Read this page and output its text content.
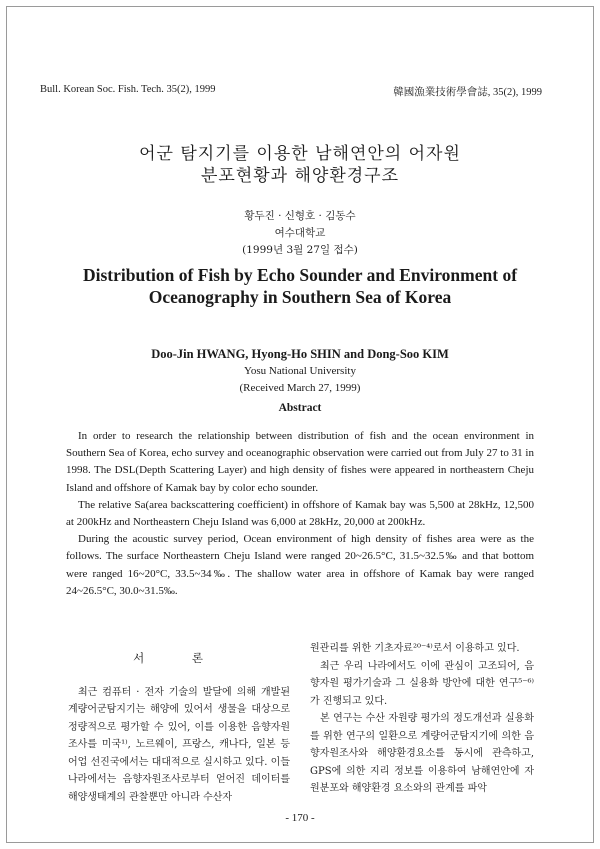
Bull. Korean Soc. Fish. Tech. 35(2), 1999	韓國漁業技術學會誌, 35(2), 1999
어군 탐지기를 이용한 남해연안의 어자원
분포현황과 해양환경구조
황두진 · 신형호 · 김동수
여수대학교
(1999년 3월 27일 접수)
Distribution of Fish by Echo Sounder and Environment of Oceanography in Southern Sea of Korea
Doo-Jin HWANG, Hyong-Ho SHIN and Dong-Soo KIM
Yosu National University
(Received March 27, 1999)
Abstract

In order to research the relationship between distribution of fish and the ocean environment in Southern Sea of Korea, echo survey and oceanographic observation were carried out from July 27 to 31 in 1998. The DSL(Depth Scattering Layer) and high density of fishes were appeared in northeastern Cheju Island and offshore of Kamak bay by color echo sounder.

The relative Sa(area backscattering coefficient) in offshore of Kamak bay was 5,500 at 28kHz, 12,500 at 200kHz and Northeastern Cheju Island was 6,000 at 28kHz, 20,000 at 200kHz.

During the acoustic survey period, Ocean environment of high density of fishes area were as the follows. The surface Northeastern Cheju Island were ranged 20~26.5°C, 31.5~32.5‰ and that bottom were ranged 16~20°C, 33.5~34‰. The shallow water area in offshore of Kamak bay were ranged 24~26.5°C, 30.0~31.5‰.

서 론

최근 컴퓨터 · 전자 기술의 발달에 의해 개발된 계량어군탐지기는 해양에 있어서 생물을 대상으로 정량적으로 평가할 수 있어, 이를 이용한 음향자원 조사를 미국¹⁾, 노르웨이, 프랑스, 캐나다, 일본 등 어업 선진국에서는 대대적으로 실시하고 있다. 이들 나라에서는 음향자원조사로부터 얻어진 데이터를 해양생태계의 관찰뿐만 아니라 수산자

원관리를 위한 기초자료²⁰⁻⁴⁾로서 이용하고 있다.

최근 우리 나라에서도 이에 관심이 고조되어, 음향자원 평가기술과 그 실용화 방안에 대한 연구⁵⁻⁶⁾가 진행되고 있다.

본 연구는 수산 자원량 평가의 정도개선과 실용화를 위한 연구의 일환으로 계량어군탐지기에 의한 음향자원조사와 해양환경요소를 동시에 관측하고, GPS에 의한 지리 정보를 이용하여 남해연안에 자원분포와 해양환경 요소와의 관계를 파악

- 170 -
